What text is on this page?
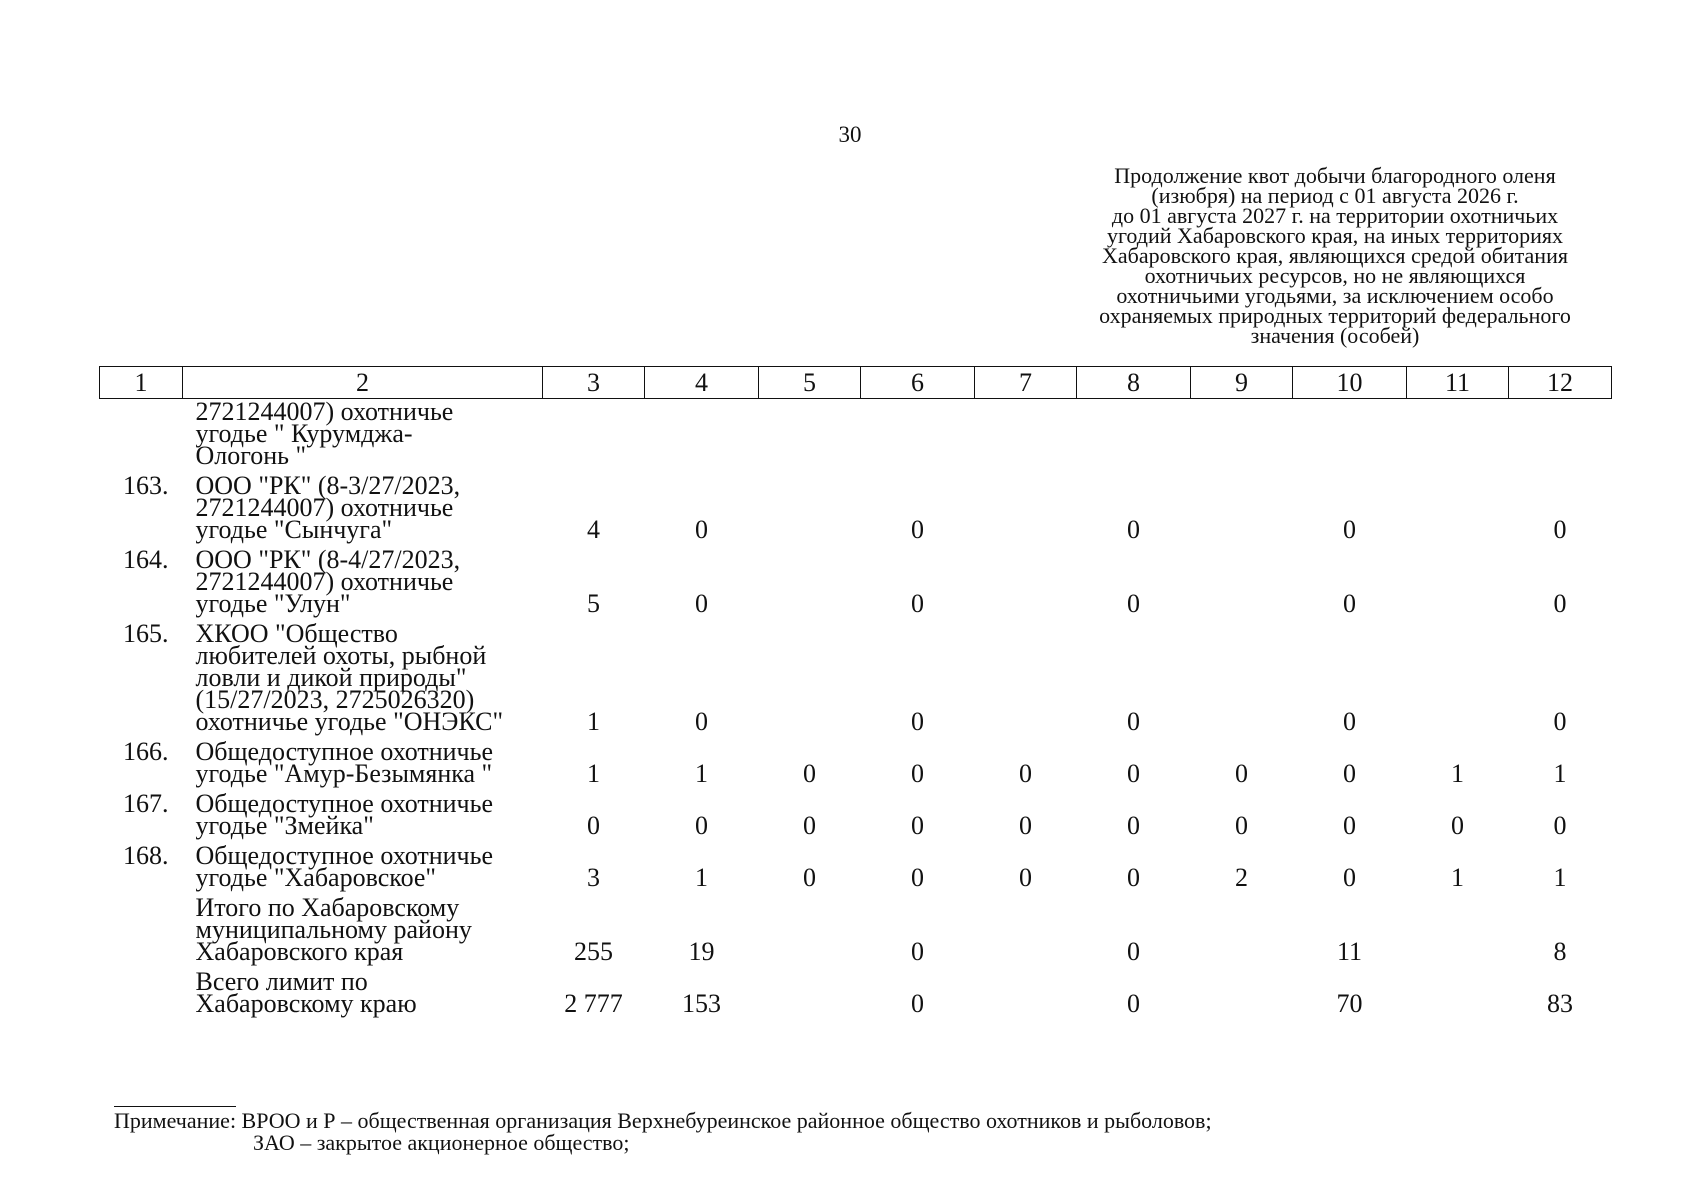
30
Продолжение квот добычи благородного оленя
(изюбря) на период с 01 августа 2026 г.
до 01 августа 2027 г. на территории охотничьих
угодий Хабаровского края, на иных территориях
Хабаровского края, являющихся средой обитания
охотничьих ресурсов, но не являющихся
охотничьими угодьями, за исключением особо
охраняемых природных территорий федерального
значения (особей)
1	2	3	4	5	6	7	8	9	10	11	12

	2721244007) охотничье
угодье " Курумджа-
Ологонь "										

163.	ООО "РК" (8-3/27/2023,
2721244007) охотничье
угодье "Сынчуга"	4	0		0		0		0		0
164.	ООО "РК" (8-4/27/2023,
2721244007) охотничье
угодье "Улун"	5	0		0		0		0		0
165.	ХКОО "Общество
любителей охоты, рыбной
ловли и дикой природы"
(15/27/2023, 2725026320)
охотничье угодье "ОНЭКС"	1	0		0		0		0		0
166.	Общедоступное охотничье
угодье "Амур-Безымянка "	1	1	0	0	0	0	0	0	1	1
167.	Общедоступное охотничье
угодье "Змейка"	0	0	0	0	0	0	0	0	0	0
168.	Общедоступное охотничье
угодье "Хабаровское"	3	1	0	0	0	0	2	0	1	1

	Итого по Хабаровскому
муниципальному району
Хабаровского края	255	19		0		0		11		8

	Всего лимит по
Хабаровскому краю	2 777	153		0		0		70		83
Примечание: ВРОО и Р – общественная организация Верхнебуреинское районное общество охотников и рыболовов;
ЗАО – закрытое акционерное общество;
